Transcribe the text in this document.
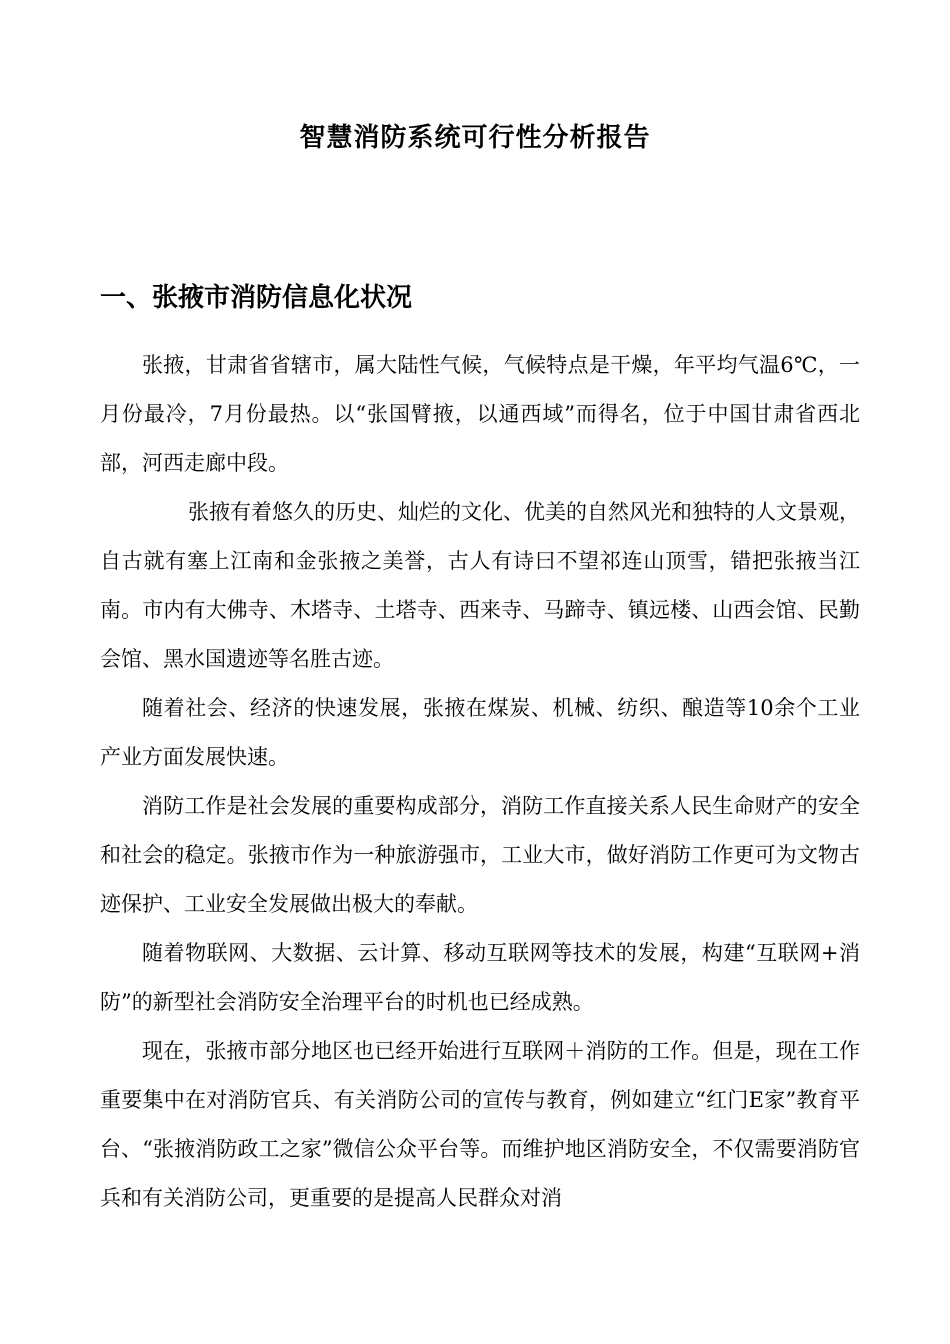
智慧消防系统可行性分析报告
一、张掖市消防信息化状况

张掖，甘肃省省辖市，属大陆性气候，气候特点是干燥，年平均气温6℃，一月份最冷，7月份最热。以“张国臂掖，以通西域”而得名，位于中国甘肃省西北部，河西走廊中段。

张掖有着悠久的历史、灿烂的文化、优美的自然风光和独特的人文景观，自古就有塞上江南和金张掖之美誉，古人有诗曰不望祁连山顶雪，错把张掖当江南。市内有大佛寺、木塔寺、土塔寺、西来寺、马蹄寺、镇远楼、山西会馆、民勤会馆、黑水国遗迹等名胜古迹。

随着社会、经济的快速发展，张掖在煤炭、机械、纺织、酿造等10余个工业产业方面发展快速。

消防工作是社会发展的重要构成部分，消防工作直接关系人民生命财产的安全和社会的稳定。张掖市作为一种旅游强市，工业大市，做好消防工作更可为文物古迹保护、工业安全发展做出极大的奉献。

随着物联网、大数据、云计算、移动互联网等技术的发展，构建“互联网+消防”的新型社会消防安全治理平台的时机也已经成熟。

现在，张掖市部分地区也已经开始进行互联网＋消防的工作。但是，现在工作重要集中在对消防官兵、有关消防公司的宣传与教育，例如建立“红门E家”教育平台、“张掖消防政工之家”微信公众平台等。而维护地区消防安全，不仅需要消防官兵和有关消防公司，更重要的是提高人民群众对消
